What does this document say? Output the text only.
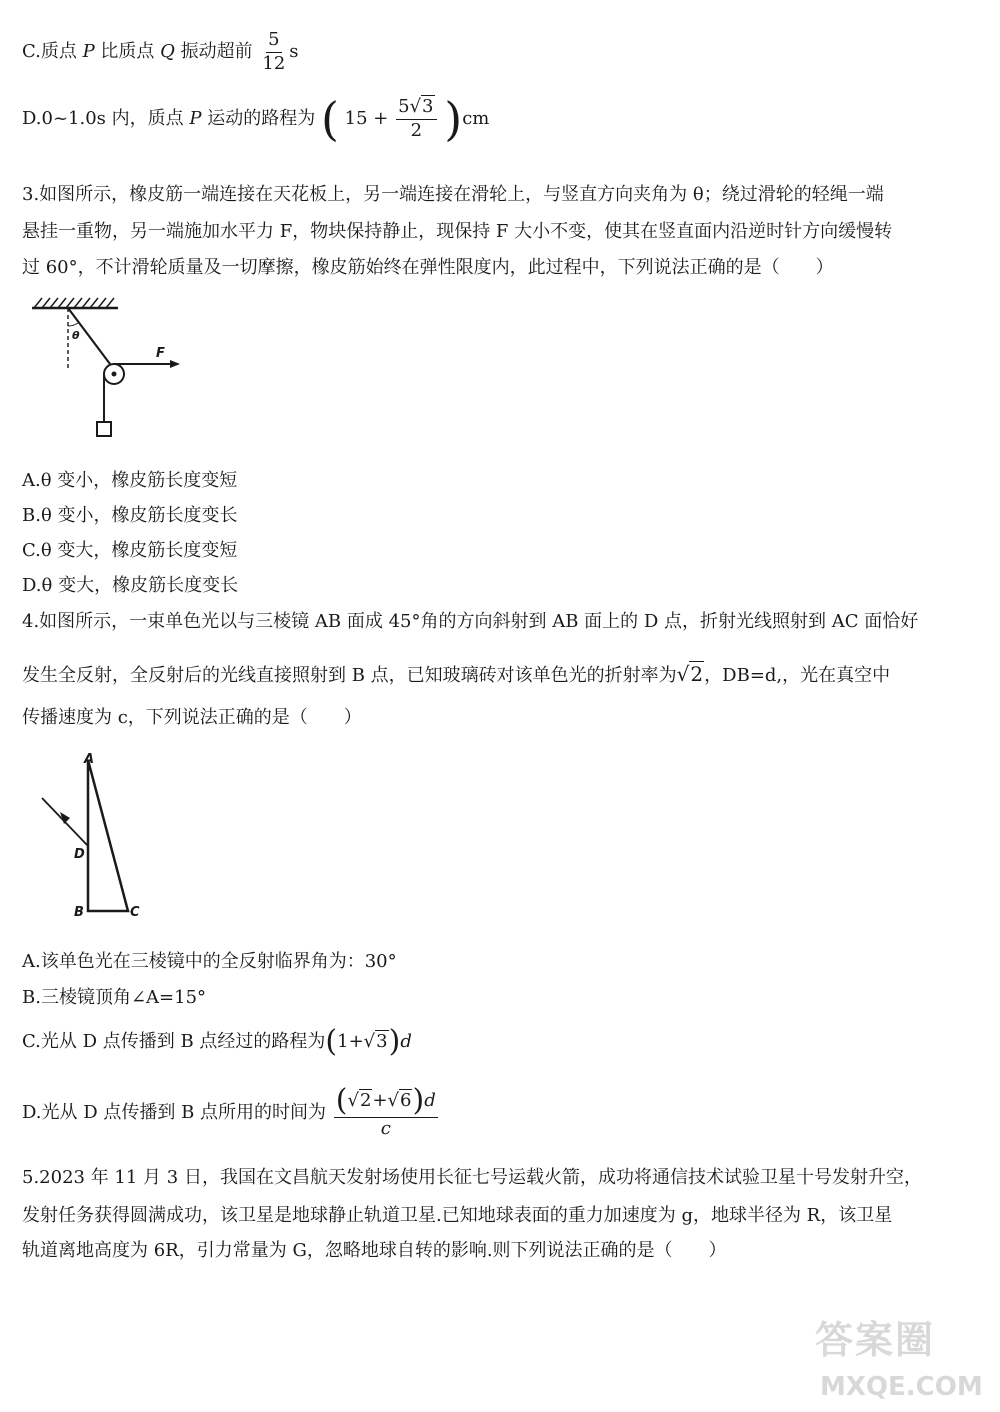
C.质点 P 比质点 Q 振动超前 $\frac{5}{12}$ s
D.0~1.0s 内，质点 P 运动的路程为 ( $15 + \frac{5√3}{2} )cm$
3.如图所示，橡皮筋一端连接在天花板上，另一端连接在滑轮上，与竖直方向夹角为 θ；绕过滑轮的轻绳一端
悬挂一重物，另一端施加水平力 F，物块保持静止，现保持 F 大小不变，使其在竖直面内沿逆时针方向缓慢转
过 60°，不计滑轮质量及一切摩擦，橡皮筋始终在弹性限度内，此过程中，下列说法正确的是（　　）
θ
F
A.θ 变小，橡皮筋长度变短
B.θ 变小，橡皮筋长度变长
C.θ 变大，橡皮筋长度变短
D.θ 变大，橡皮筋长度变长
4.如图所示，一束单色光以与三棱镜 AB 面成 45°角的方向斜射到 AB 面上的 D 点，折射光线照射到 AC 面恰好
发生全反射，全反射后的光线直接照射到 B 点，已知玻璃砖对该单色光的折射率为√2，DB=d,，光在真空中
传播速度为 c，下列说法正确的是（　　）
A
D
B	C
A.该单色光在三棱镜中的全反射临界角为：30°
B.三棱镜顶角∠A=15°
C.光从 D 点传播到 B 点经过的路程为(1+√3)d
D.光从 D 点传播到 B 点所用的时间为 $\frac{(√2+√6)d}{c}$
5.2023 年 11 月 3 日，我国在文昌航天发射场使用长征七号运载火箭，成功将通信技术试验卫星十号发射升空，
发射任务获得圆满成功，该卫星是地球静止轨道卫星.已知地球表面的重力加速度为 g，地球半径为 R，该卫星
轨道离地高度为 6R，引力常量为 G，忽略地球自转的影响.则下列说法正确的是（　　）
答案圈
MXQE.COM
